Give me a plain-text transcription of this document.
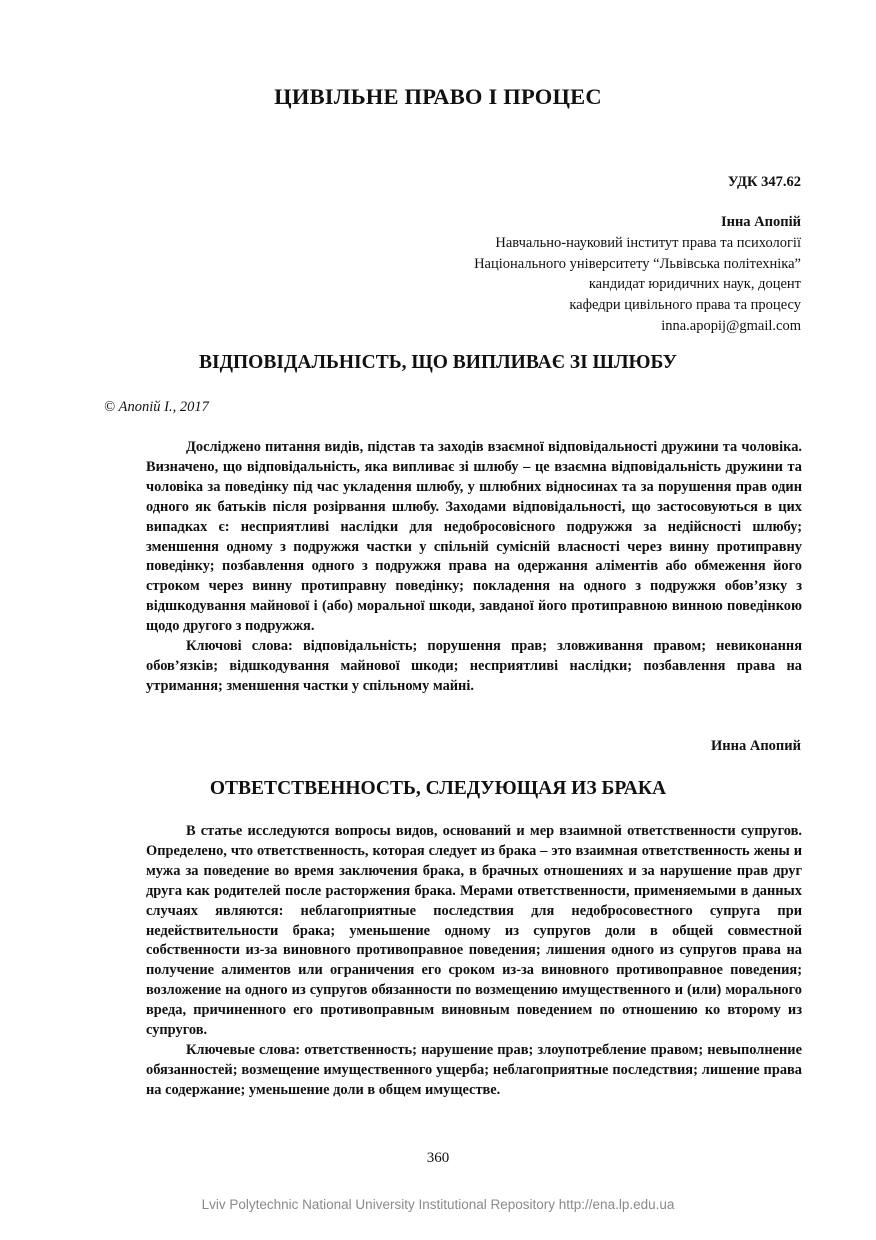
ЦИВІЛЬНЕ ПРАВО І ПРОЦЕС
УДК 347.62
Інна Апопій
Навчально-науковий інститут права та психології
Національного університету “Львівська політехніка”
кандидат юридичних наук, доцент
кафедри цивільного права та процесу
inna.apopij@gmail.com
ВІДПОВІДАЛЬНІСТЬ, ЩО ВИПЛИВАЄ ЗІ ШЛЮБУ
© Апопій І., 2017

Досліджено питання видів, підстав та заходів взаємної відповідальності дружини та чоловіка. Визначено, що відповідальність, яка випливає зі шлюбу – це взаємна відповідальність дружини та чоловіка за поведінку під час укладення шлюбу, у шлюбних відносинах та за порушення прав один одного як батьків після розірвання шлюбу. Заходами відповідальності, що застосовуються в цих випадках є: несприятливі наслідки для недобросовісного подружжя за недійсності шлюбу; зменшення одному з подружжя частки у спільній сумісній власності через винну протиправну поведінку; позбавлення одного з подружжя права на одержання аліментів або обмеження його строком через винну протиправну поведінку; покладення на одного з подружжя обов’язку з відшкодування майнової і (або) моральної шкоди, завданої його протиправною винною поведінкою щодо другого з подружжя.

Ключові слова: відповідальність; порушення прав; зловживання правом; невиконання обов’язків; відшкодування майнової шкоди; несприятливі наслідки; позбавлення права на утримання; зменшення частки у спільному майні.

Инна Апопий
ОТВЕТСТВЕННОСТЬ, СЛЕДУЮЩАЯ ИЗ БРАКА

В статье исследуются вопросы видов, оснований и мер взаимной ответственности супругов. Определено, что ответственность, которая следует из брака – это взаимная ответственность жены и мужа за поведение во время заключения брака, в брачных отношениях и за нарушение прав друг друга как родителей после расторжения брака. Мерами ответственности, применяемыми в данных случаях являются: неблагоприятные последствия для недобросовестного супруга при недействительности брака; уменьшение одному из супругов доли в общей совместной собственности из-за виновного противоправное поведения; лишения одного из супругов права на получение алиментов или ограничения его сроком из-за виновного противоправное поведения; возложение на одного из супругов обязанности по возмещению имущественного и (или) морального вреда, причиненного его противоправным виновным поведением по отношению ко второму из супругов.

Ключевые слова: ответственность; нарушение прав; злоупотребление правом; невыполнение обязанностей; возмещение имущественного ущерба; неблагоприятные последствия; лишение права на содержание; уменьшение доли в общем имуществе.

360
Lviv Polytechnic National University Institutional Repository http://ena.lp.edu.ua
